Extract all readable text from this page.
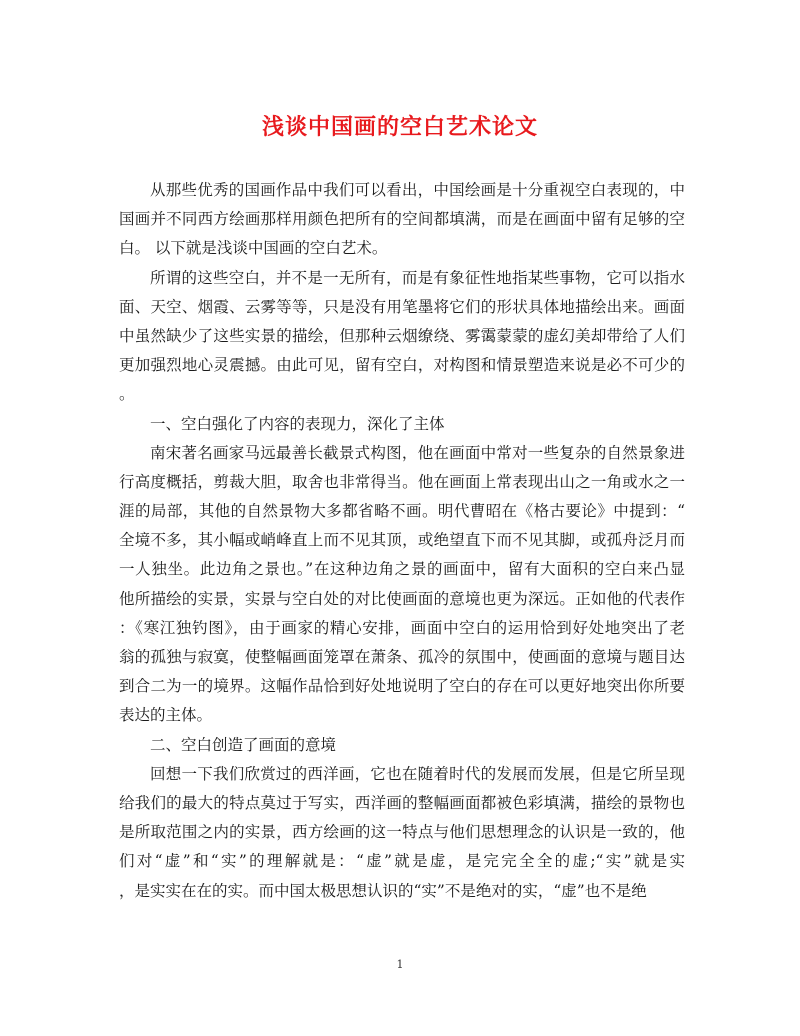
浅谈中国画的空白艺术论文
从那些优秀的国画作品中我们可以看出，中国绘画是十分重视空白表现的，中
国画并不同西方绘画那样用颜色把所有的空间都填满，而是在画面中留有足够的空
白。 以下就是浅谈中国画的空白艺术。
所谓的这些空白，并不是一无所有，而是有象征性地指某些事物，它可以指水
面、天空、烟霞、云雾等等，只是没有用笔墨将它们的形状具体地描绘出来。画面
中虽然缺少了这些实景的描绘，但那种云烟缭绕、雾霭蒙蒙的虚幻美却带给了人们
更加强烈地心灵震撼。由此可见，留有空白，对构图和情景塑造来说是必不可少的
。
一、空白强化了内容的表现力，深化了主体
南宋著名画家马远最善长截景式构图，他在画面中常对一些复杂的自然景象进
行高度概括，剪裁大胆，取舍也非常得当。他在画面上常表现出山之一角或水之一
涯的局部，其他的自然景物大多都省略不画。明代曹昭在《格古要论》中提到：“
全境不多，其小幅或峭峰直上而不见其顶，或绝望直下而不见其脚，或孤舟泛月而
一人独坐。此边角之景也。”在这种边角之景的画面中，留有大面积的空白来凸显
他所描绘的实景，实景与空白处的对比使画面的意境也更为深远。正如他的代表作
：《寒江独钓图》，由于画家的精心安排，画面中空白的运用恰到好处地突出了老
翁的孤独与寂寞，使整幅画面笼罩在萧条、孤冷的氛围中，使画面的意境与题目达
到合二为一的境界。这幅作品恰到好处地说明了空白的存在可以更好地突出你所要
表达的主体。
二、空白创造了画面的意境
回想一下我们欣赏过的西洋画，它也在随着时代的发展而发展，但是它所呈现
给我们的最大的特点莫过于写实，西洋画的整幅画面都被色彩填满，描绘的景物也
是所取范围之内的实景，西方绘画的这一特点与他们思想理念的认识是一致的，他
们对“虚”和“实”的理解就是：“虚”就是虚，是完完全全的虚;“实”就是实
，是实实在在的实。而中国太极思想认识的“实”不是绝对的实，“虚”也不是绝
1
